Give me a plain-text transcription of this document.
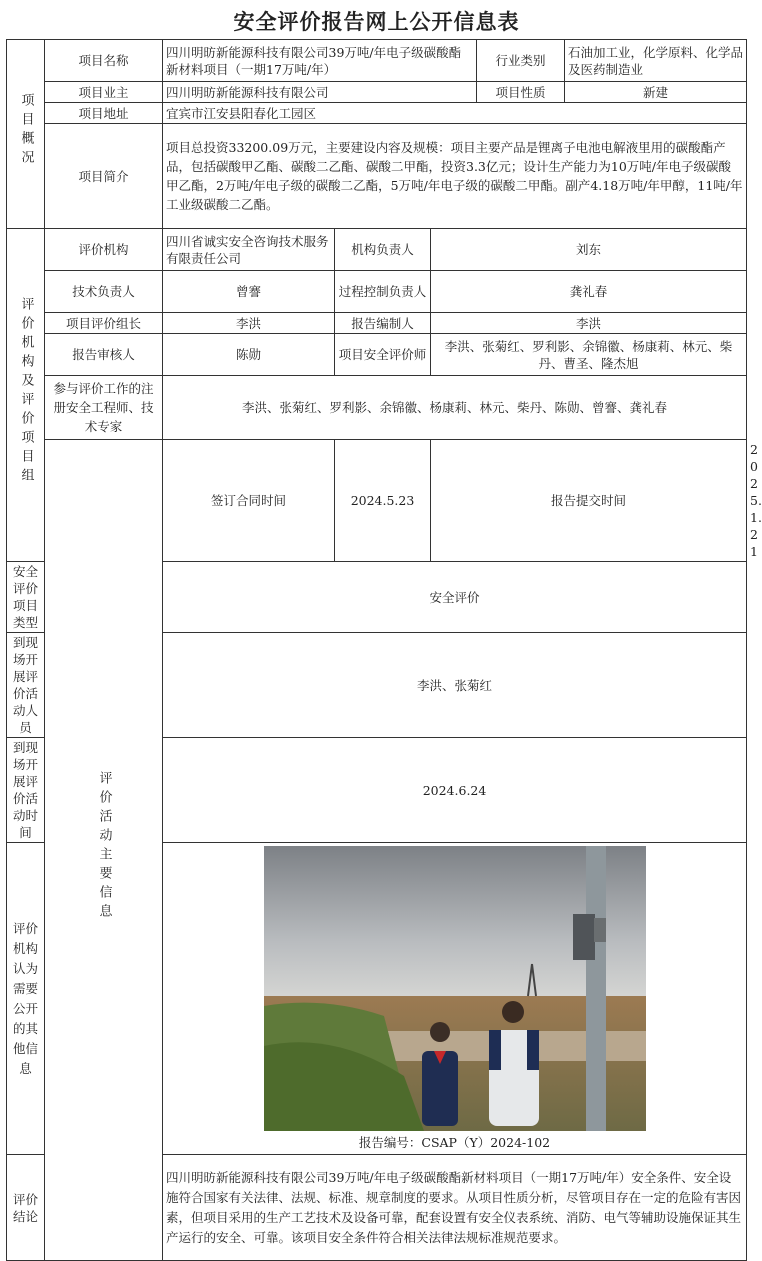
安全评价报告网上公开信息表
项目概况	项目名称	四川明昉新能源科技有限公司39万吨/年电子级碳酸酯新材料项目（一期17万吨/年）			行业类别	石油加工业，化学原料、化学品及医药制造业	
	项目业主	四川明昉新能源科技有限公司			项目性质	新建	
	项目地址	宜宾市江安县阳春化工园区					
	项目简介	项目总投资33200.09万元，主要建设内容及规模：项目主要产品是锂离子电池电解液里用的碳酸酯产品，包括碳酸甲乙酯、碳酸二乙酯、碳酸二甲酯，投资3.3亿元；设计生产能力为10万吨/年电子级碳酸甲乙酯，2万吨/年电子级的碳酸二乙酯，5万吨/年电子级的碳酸二甲酯。副产4.18万吨/年甲醇，11吨/年工业级碳酸二乙酯。					
评价机构及评价项目组	评价机构	四川省诚实安全咨询技术服务有限责任公司	机构负责人	刘东			
	技术负责人	曾謇	过程控制负责人	龚礼春			
	项目评价组长	李洪	报告编制人	李洪			
	报告审核人	陈勋	项目安全评价师	李洪、张菊红、罗利影、余锦徽、杨康莉、林元、柴丹、曹圣、隆杰旭			
	参与评价工作的注册安全工程师、技术专家	李洪、张菊红、罗利影、余锦徽、杨康莉、林元、柴丹、陈勋、曾謇、龚礼春					
	评价活动主要信息	签订合同时间	2024.5.23	报告提交时间			2025.1.21
安全评价项目类型		安全评价					
到现场开展评价活动人员		李洪、张菊红					
到现场开展评价活动时间		2024.6.24					
评价机构认为需要公开的其他信息		报告编号：CSAP（Y）2024-102					

评价结论		四川明昉新能源科技有限公司39万吨/年电子级碳酸酯新材料项目（一期17万吨/年）安全条件、安全设施符合国家有关法律、法规、标准、规章制度的要求。从项目性质分析，尽管项目存在一定的危险有害因素，但项目采用的生产工艺技术及设备可靠，配套设置有安全仪表系统、消防、电气等辅助设施保证其生产运行的安全、可靠。该项目安全条件符合相关法律法规标准规范要求。					
